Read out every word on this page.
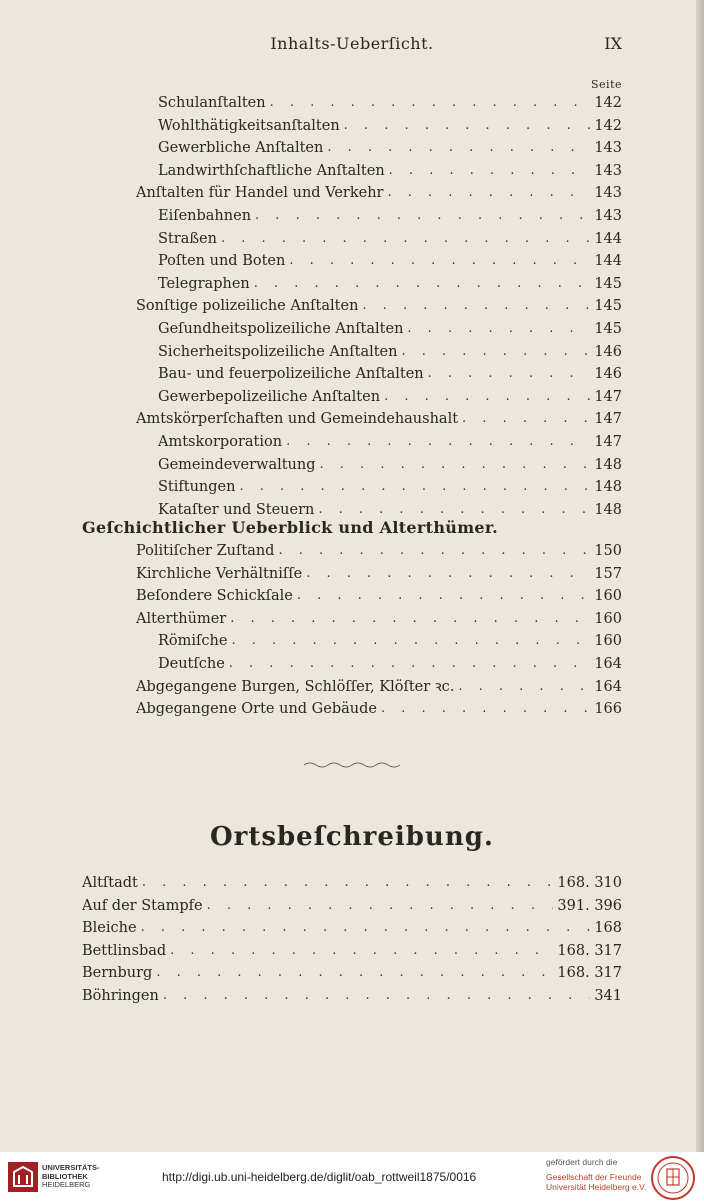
Inhalts-Ueberſicht.	IX
Seite
Schulanſtalten . . .	142
Wohlthätigkeitsanſtalten . . .	142
Gewerbliche Anſtalten . . .	143
Landwirthſchaftliche Anſtalten . . .	143
Anſtalten für Handel und Verkehr . . .	143
Eiſenbahnen . . .	143
Straßen . . .	144
Poſten und Boten . . .	144
Telegraphen . . .	145
Sonſtige polizeiliche Anſtalten . . .	145
Geſundheitspolizeiliche Anſtalten . . .	145
Sicherheitspolizeiliche Anſtalten . . .	146
Bau- und feuerpolizeiliche Anſtalten . . .	146
Gewerbepolizeiliche Anſtalten . . .	147
Amtskörperſchaften und Gemeindehaushalt . . .	147
Amtskorporation . . .	147
Gemeindeverwaltung . . .	148
Stiftungen . . .	148
Kataſter und Steuern . . .	148
Politiſcher Zuſtand . . .	150
Kirchliche Verhältniſſe . . .	157
Beſondere Schickſale . . .	160
Alterthümer . . .	160
Römiſche . . .	160
Deutſche . . .	164
Abgegangene Burgen, Schlöſſer, Klöſter ꝛc. . . .	164
Abgegangene Orte und Gebäude . . .	166
Altſtadt . . .	168. 310
Auf der Stampfe . . .	391. 396
Bleiche . . .	168
Bettlinsbad . . .	168. 317
Bernburg . . .	168. 317
Böhringen . . .	341
Geſchichtlicher Ueberblick und Alterthümer.
Ortsbeſchreibung.
UNIVERSITÄTS-
BIBLIOTHEK
HEIDELBERG
http://digi.ub.uni-heidelberg.de/diglit/oab_rottweil1875/0016
gefördert durch die
Gesellschaft der Freunde
Universität Heidelberg e.V.
